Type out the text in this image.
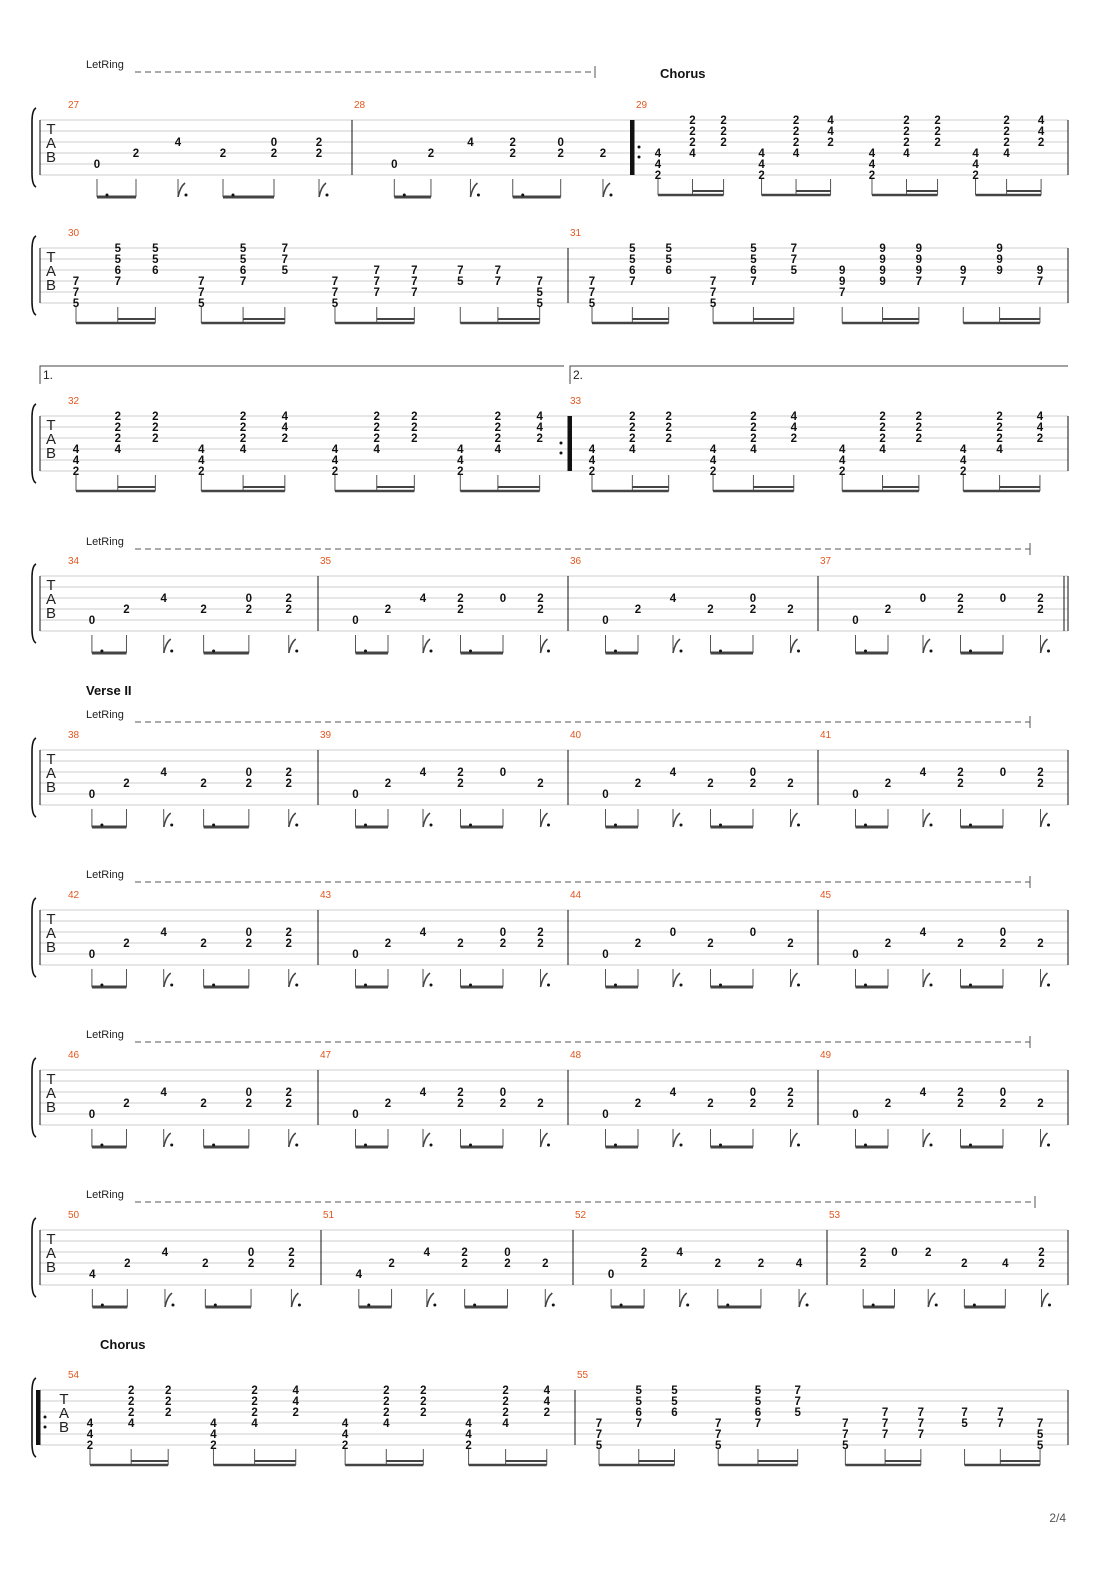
T
A
B
LetRing
Chorus
27
0
2
4
2
0
2
2
2
28
0
2
4	2
2
0
2	2
29
4
4
2
2
2
2
4
2
2
2
4
4
2
2
2
2
4
4
4
2
4
4
2
2
2
2
4
2
2
2
4
4
2
2
2
2
4
4
4
2
T
A
B
30
7
7
5
5
5
6
7
5
5
6
7
7
5
5
5
6
7
7
7
5
7
7
5
7
7
7
7
7
7
7
5
7
7	7
5
5
31
7
7
5
5
5
6
7
5
5
6
7
7
5
5
5
6
7
7
7
5	9
9
7
9
9
9
9
9
9
9
7
9
7
9
9
9	9
7
T
A
B
1.	2.
32
4
4
2
2
2
2
4
2
2
2
4
4
2
2
2
2
4
4
4
2
4
4
2
2
2
2
4
2
2
2
4
4
2
2
2
2
4
4
4
2
33
4
4
2
2
2
2
4
2
2
2
4
4
2
2
2
2
4
4
4
2
4
4
2
2
2
2
4
2
2
2
4
4
2
2
2
2
4
4
4
2
T
A
B
LetRing
34
0
2
4
2
0
2
2
2
35
0
2
4	2
2
0	2
2
36
0
2
4
2
0
2	2
37
0
2
0	2
2
0	2
2
T
A
B
LetRing
Verse II
38
0
2
4
2
0
2
2
2
39
0
2
4	2
2
0
2
40
0
2
4
2
0
2	2
41
0
2
4	2
2
0	2
2
T
A
B
LetRing
42
0
2
4
2
0
2
2
2
43
0
2
4
2
0
2
2
2
44
0
2
0
2
0
2
45
0
2
4
2
0
2	2
T
A
B
LetRing
46
0
2
4
2
0
2
2
2
47
0
2
4	2
2
0
2	2
48
0
2
4
2
0
2
2
2
49
0
2
4	2
2
0
2	2
T
A
B
LetRing
50
4
2
4
2
0
2
2
2
51
4
2
4	2
2
0
2	2
52
0
2
2
4
2	2	4
53
2
2
0 2
2	4
2
2
T
A
B
Chorus
54
4
4
2
2
2
2
4
2
2
2
4
4
2
2
2
2
4
4
4
2
4
4
2
2
2
2
4
2
2
2
4
4
2
2
2
2
4
4
4
2
55
7
7
5
5
5
6
7
5
5
6
7
7
5
5
5
6
7
7
7
5
7
7
5
7
7
7
7
7
7
7
5
7
7	7
5
5
2/4
